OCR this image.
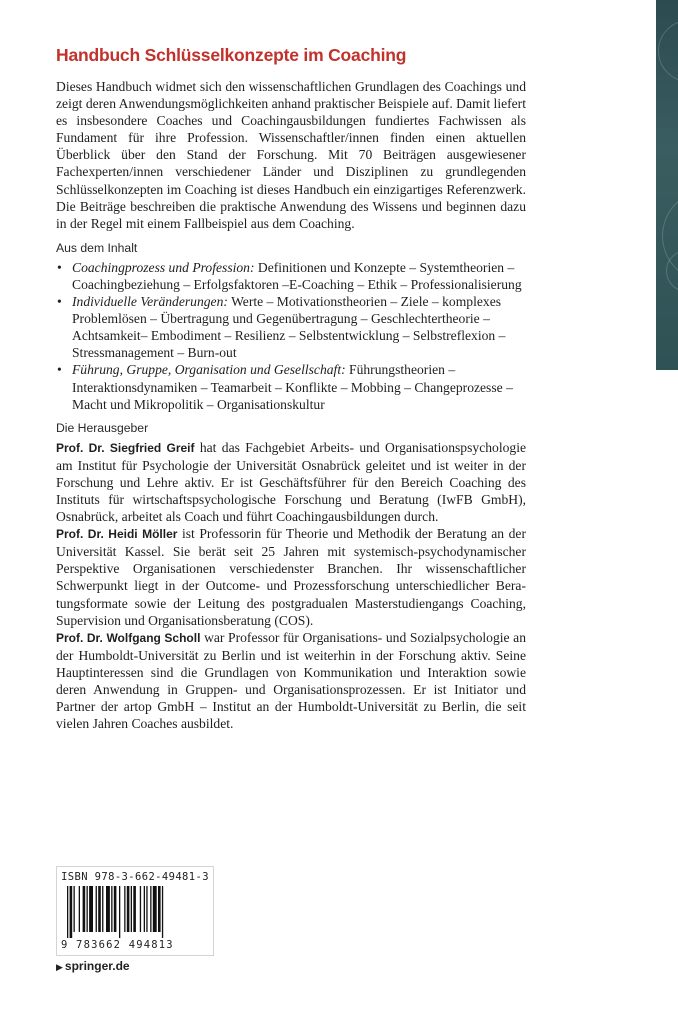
Handbuch Schlüsselkonzepte im Coaching

Dieses Handbuch widmet sich den wissenschaftlichen Grundlagen des Coachings und zeigt deren Anwendungsmöglichkeiten anhand praktischer Beispiele auf. Damit liefert es insbesondere Coaches und Coachingausbildungen fundiertes Fachwissen als Fundament für ihre Profession. Wissenschaftler/innen finden einen aktuellen Überblick über den Stand der Forschung. Mit 70 Beiträgen ausgewiesener Fachexperten/innen verschiedener Länder und Disziplinen zu grundlegenden Schlüsselkonzepten im Coaching ist dieses Handbuch ein einzigartiges Referenzwerk. Die Beiträge beschreiben die praktische Anwendung des Wissens und beginnen dazu in der Regel mit einem Fallbeispiel aus dem Coaching.

Aus dem Inhalt
• Coachingprozess und Profession: Definitionen und Konzepte – Systemtheorien – Coachingbeziehung – Erfolgsfaktoren –E-Coaching – Ethik – Professionalisierung
• Individuelle Veränderungen: Werte – Motivationstheorien – Ziele – komplexes Problemlösen – Übertragung und Gegenübertragung – Geschlechtertheorie – Achtsamkeit– Embodiment – Resilienz – Selbstentwicklung – Selbstreflexion – Stressmanagement – Burn-out
• Führung, Gruppe, Organisation und Gesellschaft: Führungstheorien – Interaktionsdynamiken – Teamarbeit – Konflikte – Mobbing – Changeprozesse – Macht und Mikropolitik – Organisationskultur
Die Herausgeber

Prof. Dr. Siegfried Greif hat das Fachgebiet Arbeits- und Organisationspsychologie am Institut für Psychologie der Universität Osnabrück geleitet und ist weiter in der Forschung und Lehre aktiv. Er ist Geschäftsführer für den Bereich Coaching des Instituts für wirtschaftspsychologische Forschung und Beratung (IwFB GmbH), Osnabrück, arbeitet als Coach und führt Coachingausbildungen durch.

Prof. Dr. Heidi Möller ist Professorin für Theorie und Methodik der Beratung an der Universität Kassel. Sie berät seit 25 Jahren mit systemisch-psychodynamischer Perspektive Organisationen verschiedenster Branchen. Ihr wissenschaftlicher Schwerpunkt liegt in der Outcome- und Prozessforschung unterschiedlicher Beratungsformate sowie der Leitung des postgradualen Masterstudiengangs Coaching, Supervision und Organisationsberatung (COS).

Prof. Dr. Wolfgang Scholl war Professor für Organisations- und Sozialpsychologie an der Humboldt-Universität zu Berlin und ist weiterhin in der Forschung aktiv. Seine Hauptinteressen sind die Grundlagen von Kommunikation und Interaktion sowie deren Anwendung in Gruppen- und Organisationsprozessen. Er ist Initiator und Partner der artop GmbH – Institut an der Humboldt-Universität zu Berlin, die seit vielen Jahren Coaches ausbildet.

ISBN 978-3-662-49481-3
9 783662 494813
▶ springer.de
